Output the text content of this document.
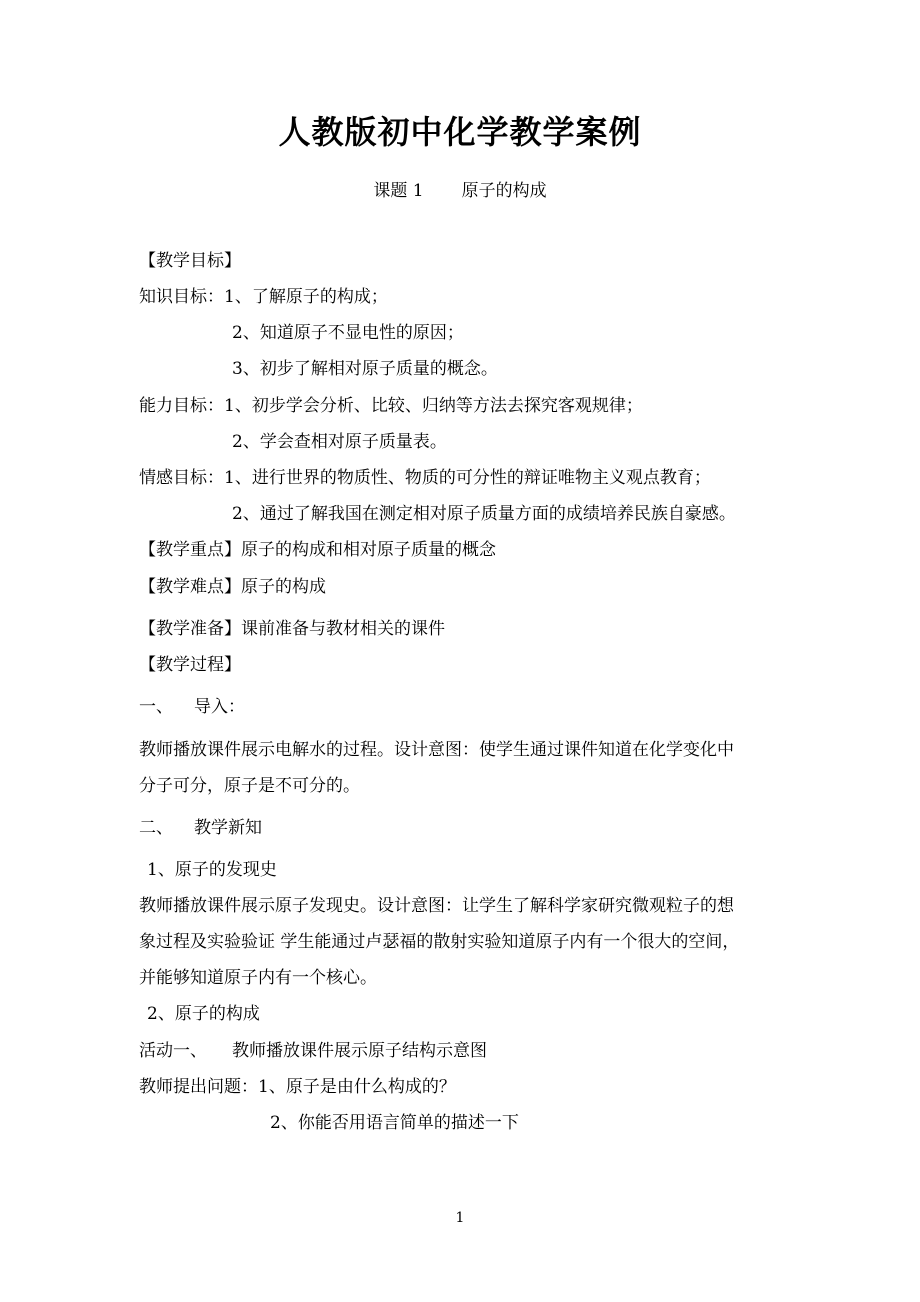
人教版初中化学教学案例
课题 1 原子的构成
【教学目标】
知识目标：1、了解原子的构成；
2、知道原子不显电性的原因；
3、初步了解相对原子质量的概念。
能力目标：1、初步学会分析、比较、归纳等方法去探究客观规律；
2、学会查相对原子质量表。
情感目标：1、进行世界的物质性、物质的可分性的辩证唯物主义观点教育；
2、通过了解我国在测定相对原子质量方面的成绩培养民族自豪感。
【教学重点】原子的构成和相对原子质量的概念
【教学难点】原子的构成
【教学准备】课前准备与教材相关的课件
【教学过程】
一、 导入：
教师播放课件展示电解水的过程。设计意图：使学生通过课件知道在化学变化中
分子可分，原子是不可分的。
二、 教学新知
1、原子的发现史
教师播放课件展示原子发现史。设计意图：让学生了解科学家研究微观粒子的想
象过程及实验验证 学生能通过卢瑟福的散射实验知道原子内有一个很大的空间，
并能够知道原子内有一个核心。
2、原子的构成
活动一、 教师播放课件展示原子结构示意图
教师提出问题：1、原子是由什么构成的？
2、你能否用语言简单的描述一下
1
